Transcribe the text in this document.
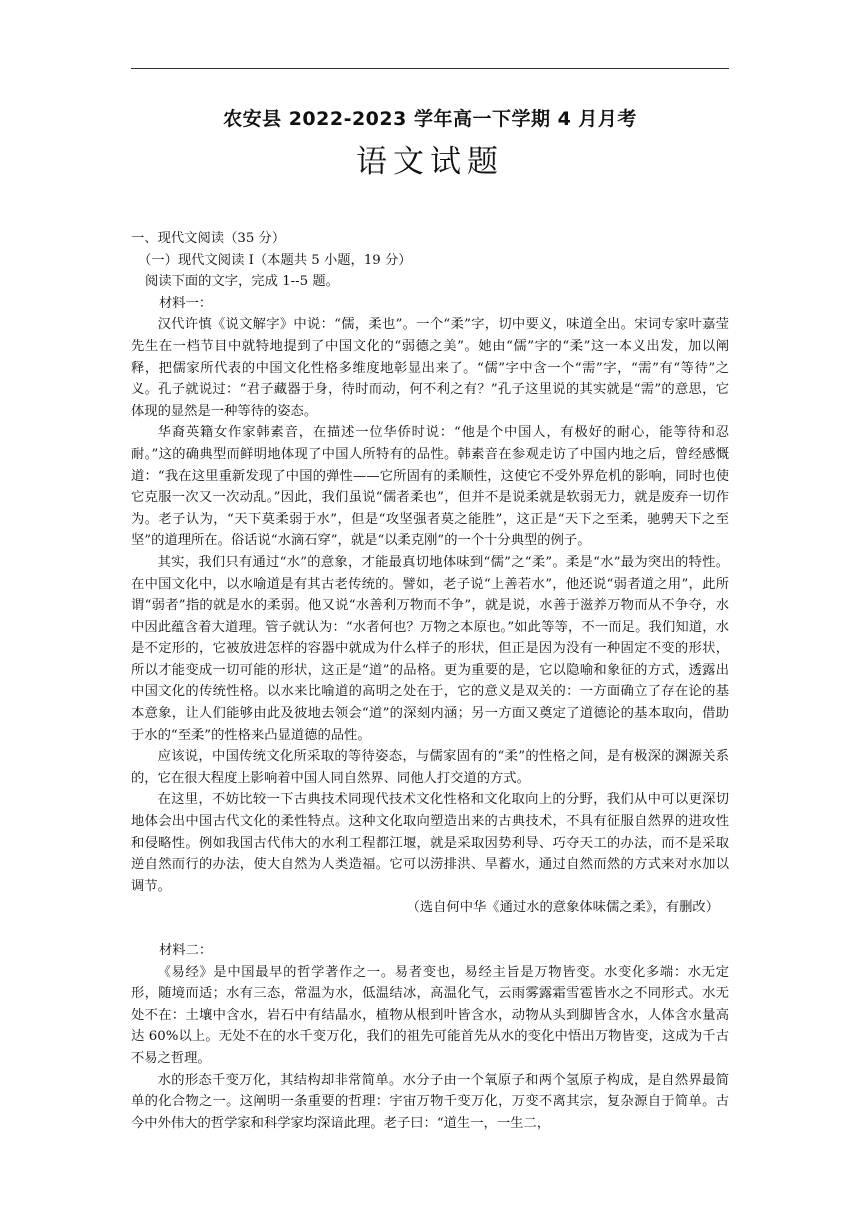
农安县 2022-2023 学年高一下学期 4 月月考
语文试题
一、现代文阅读（35 分）
（一）现代文阅读 I（本题共 5 小题，19 分）
阅读下面的文字，完成 1--5 题。
材料一：

汉代许慎《说文解字》中说：“儒，柔也”。一个“柔”字，切中要义，味道全出。宋词专家叶嘉莹先生在一档节目中就特地提到了中国文化的“弱德之美”。她由“儒”字的“柔”这一本义出发，加以阐释，把儒家所代表的中国文化性格多维度地彰显出来了。“儒”字中含一个“需”字，“需”有“等待”之义。孔子就说过：“君子藏器于身，待时而动，何不利之有？”孔子这里说的其实就是“需”的意思，它体现的显然是一种等待的姿态。

华裔英籍女作家韩素音，在描述一位华侨时说：“他是个中国人，有极好的耐心，能等待和忍耐。”这的确典型而鲜明地体现了中国人所特有的品性。韩素音在参观走访了中国内地之后，曾经感慨道：“我在这里重新发现了中国的弹性——它所固有的柔顺性，这使它不受外界危机的影响，同时也使它克服一次又一次动乱。”因此，我们虽说“儒者柔也”，但并不是说柔就是软弱无力，就是废弃一切作为。老子认为，“天下莫柔弱于水”，但是“攻坚强者莫之能胜”，这正是“天下之至柔，驰骋天下之至坚”的道理所在。俗话说“水滴石穿”，就是“以柔克刚”的一个十分典型的例子。

其实，我们只有通过“水”的意象，才能最真切地体味到“儒”之“柔”。柔是“水”最为突出的特性。在中国文化中，以水喻道是有其古老传统的。譬如，老子说“上善若水”，他还说“弱者道之用”，此所谓“弱者”指的就是水的柔弱。他又说“水善利万物而不争”，就是说，水善于滋养万物而从不争夺，水中因此蕴含着大道理。管子就认为：“水者何也？万物之本原也。”如此等等，不一而足。我们知道，水是不定形的，它被放进怎样的容器中就成为什么样子的形状，但正是因为没有一种固定不变的形状，所以才能变成一切可能的形状，这正是“道”的品格。更为重要的是，它以隐喻和象征的方式，透露出中国文化的传统性格。以水来比喻道的高明之处在于，它的意义是双关的：一方面确立了存在论的基本意象，让人们能够由此及彼地去领会“道”的深刻内涵；另一方面又奠定了道德论的基本取向，借助于水的“至柔”的性格来凸显道德的品性。

应该说，中国传统文化所采取的等待姿态，与儒家固有的“柔”的性格之间，是有极深的渊源关系的，它在很大程度上影响着中国人同自然界、同他人打交道的方式。

在这里，不妨比较一下古典技术同现代技术文化性格和文化取向上的分野，我们从中可以更深切地体会出中国古代文化的柔性特点。这种文化取向塑造出来的古典技术，不具有征服自然界的进攻性和侵略性。例如我国古代伟大的水利工程都江堰，就是采取因势利导、巧夺天工的办法，而不是采取逆自然而行的办法，使大自然为人类造福。它可以涝排洪、旱蓄水，通过自然而然的方式来对水加以调节。

（选自何中华《通过水的意象体味儒之柔》，有删改）

材料二：

《易经》是中国最早的哲学著作之一。易者变也，易经主旨是万物皆变。水变化多端：水无定形，随境而适；水有三态，常温为水，低温结冰，高温化气，云雨雾露霜雪雹皆水之不同形式。水无处不在：土壤中含水，岩石中有结晶水，植物从根到叶皆含水，动物从头到脚皆含水，人体含水量高达 60%以上。无处不在的水千变万化，我们的祖先可能首先从水的变化中悟出万物皆变，这成为千古不易之哲理。

水的形态千变万化，其结构却非常简单。水分子由一个氧原子和两个氢原子构成，是自然界最简单的化合物之一。这阐明一条重要的哲理：宇宙万物千变万化，万变不离其宗，复杂源自于简单。古今中外伟大的哲学家和科学家均深谙此理。老子曰：“道生一，一生二，
